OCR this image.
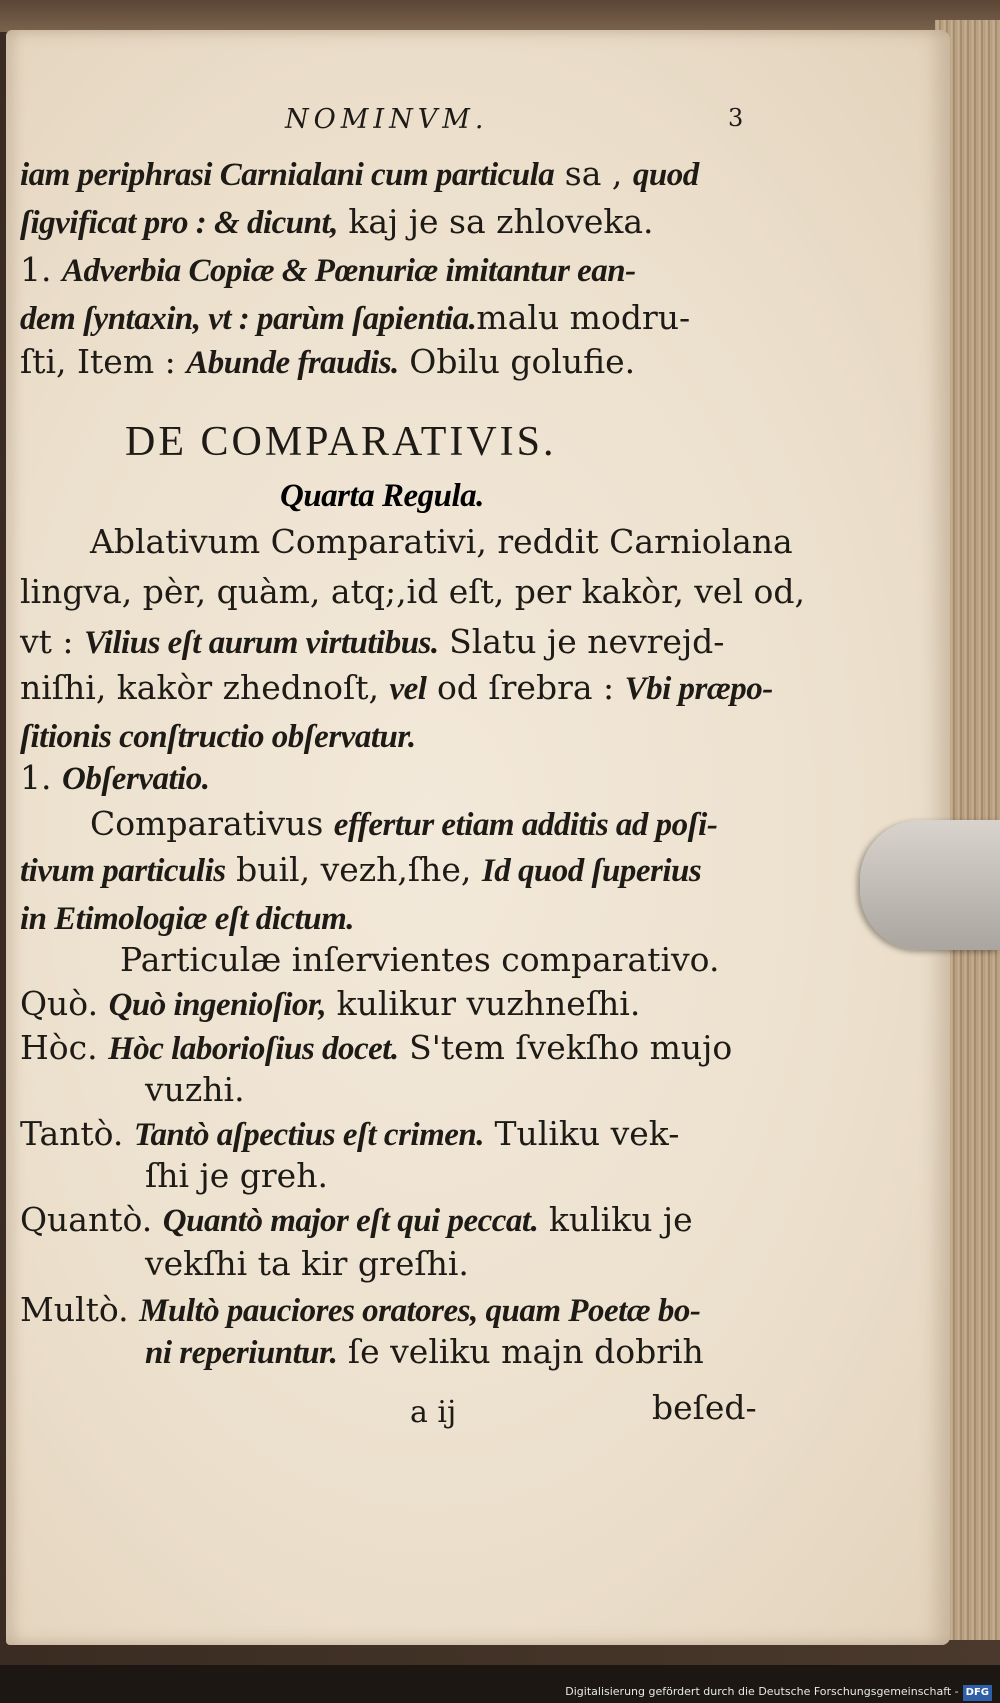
NOMINVM.	3
DE COMPARATIVIS.
Quarta Regula.
iam periphrasi Carnialani cum particula sa , quod
ſigvificat pro : & dicunt, kaj je sa zhloveka.
1. Adverbia Copiæ & Pœnuriæ imitantur ean-
dem ſyntaxin, vt : parùm ſapientia.malu modru-
ſti, Item : Abunde fraudis. Obilu golufie.
Ablativum Comparativi, reddit Carniolana
lingva, pèr, quàm, atq;,id eſt, per kakòr, vel od,
vt : Vilius eſt aurum virtutibus. Slatu je nevrejd-
niſhi, kakòr zhednoſt, vel od ſrebra : Vbi præpo-
ſitionis conſtructio obſervatur.
1. Obſervatio.
Comparativus effertur etiam additis ad poſi-
tivum particulis buil, vezh,ſhe, Id quod ſuperius
in Etimologiæ eſt dictum.
Particulæ inſervientes comparativo.
Quò. Quò ingenioſior, kulikur vuzhneſhi.
Hòc. Hòc laborioſius docet. S'tem ſvekſho mujo
vuzhi.
Tantò. Tantò aſpectius eſt crimen. Tuliku vek-
ſhi je greh.
Quantò. Quantò major eſt qui peccat. kuliku je
vekſhi ta kir greſhi.
Multò. Multò pauciores oratores, quam Poetæ bo-
ni reperiuntur. ſe veliku majn dobrih
a ij	beſed-
Digitalisierung gefördert durch die Deutsche Forschungsgemeinschaft - DFG
